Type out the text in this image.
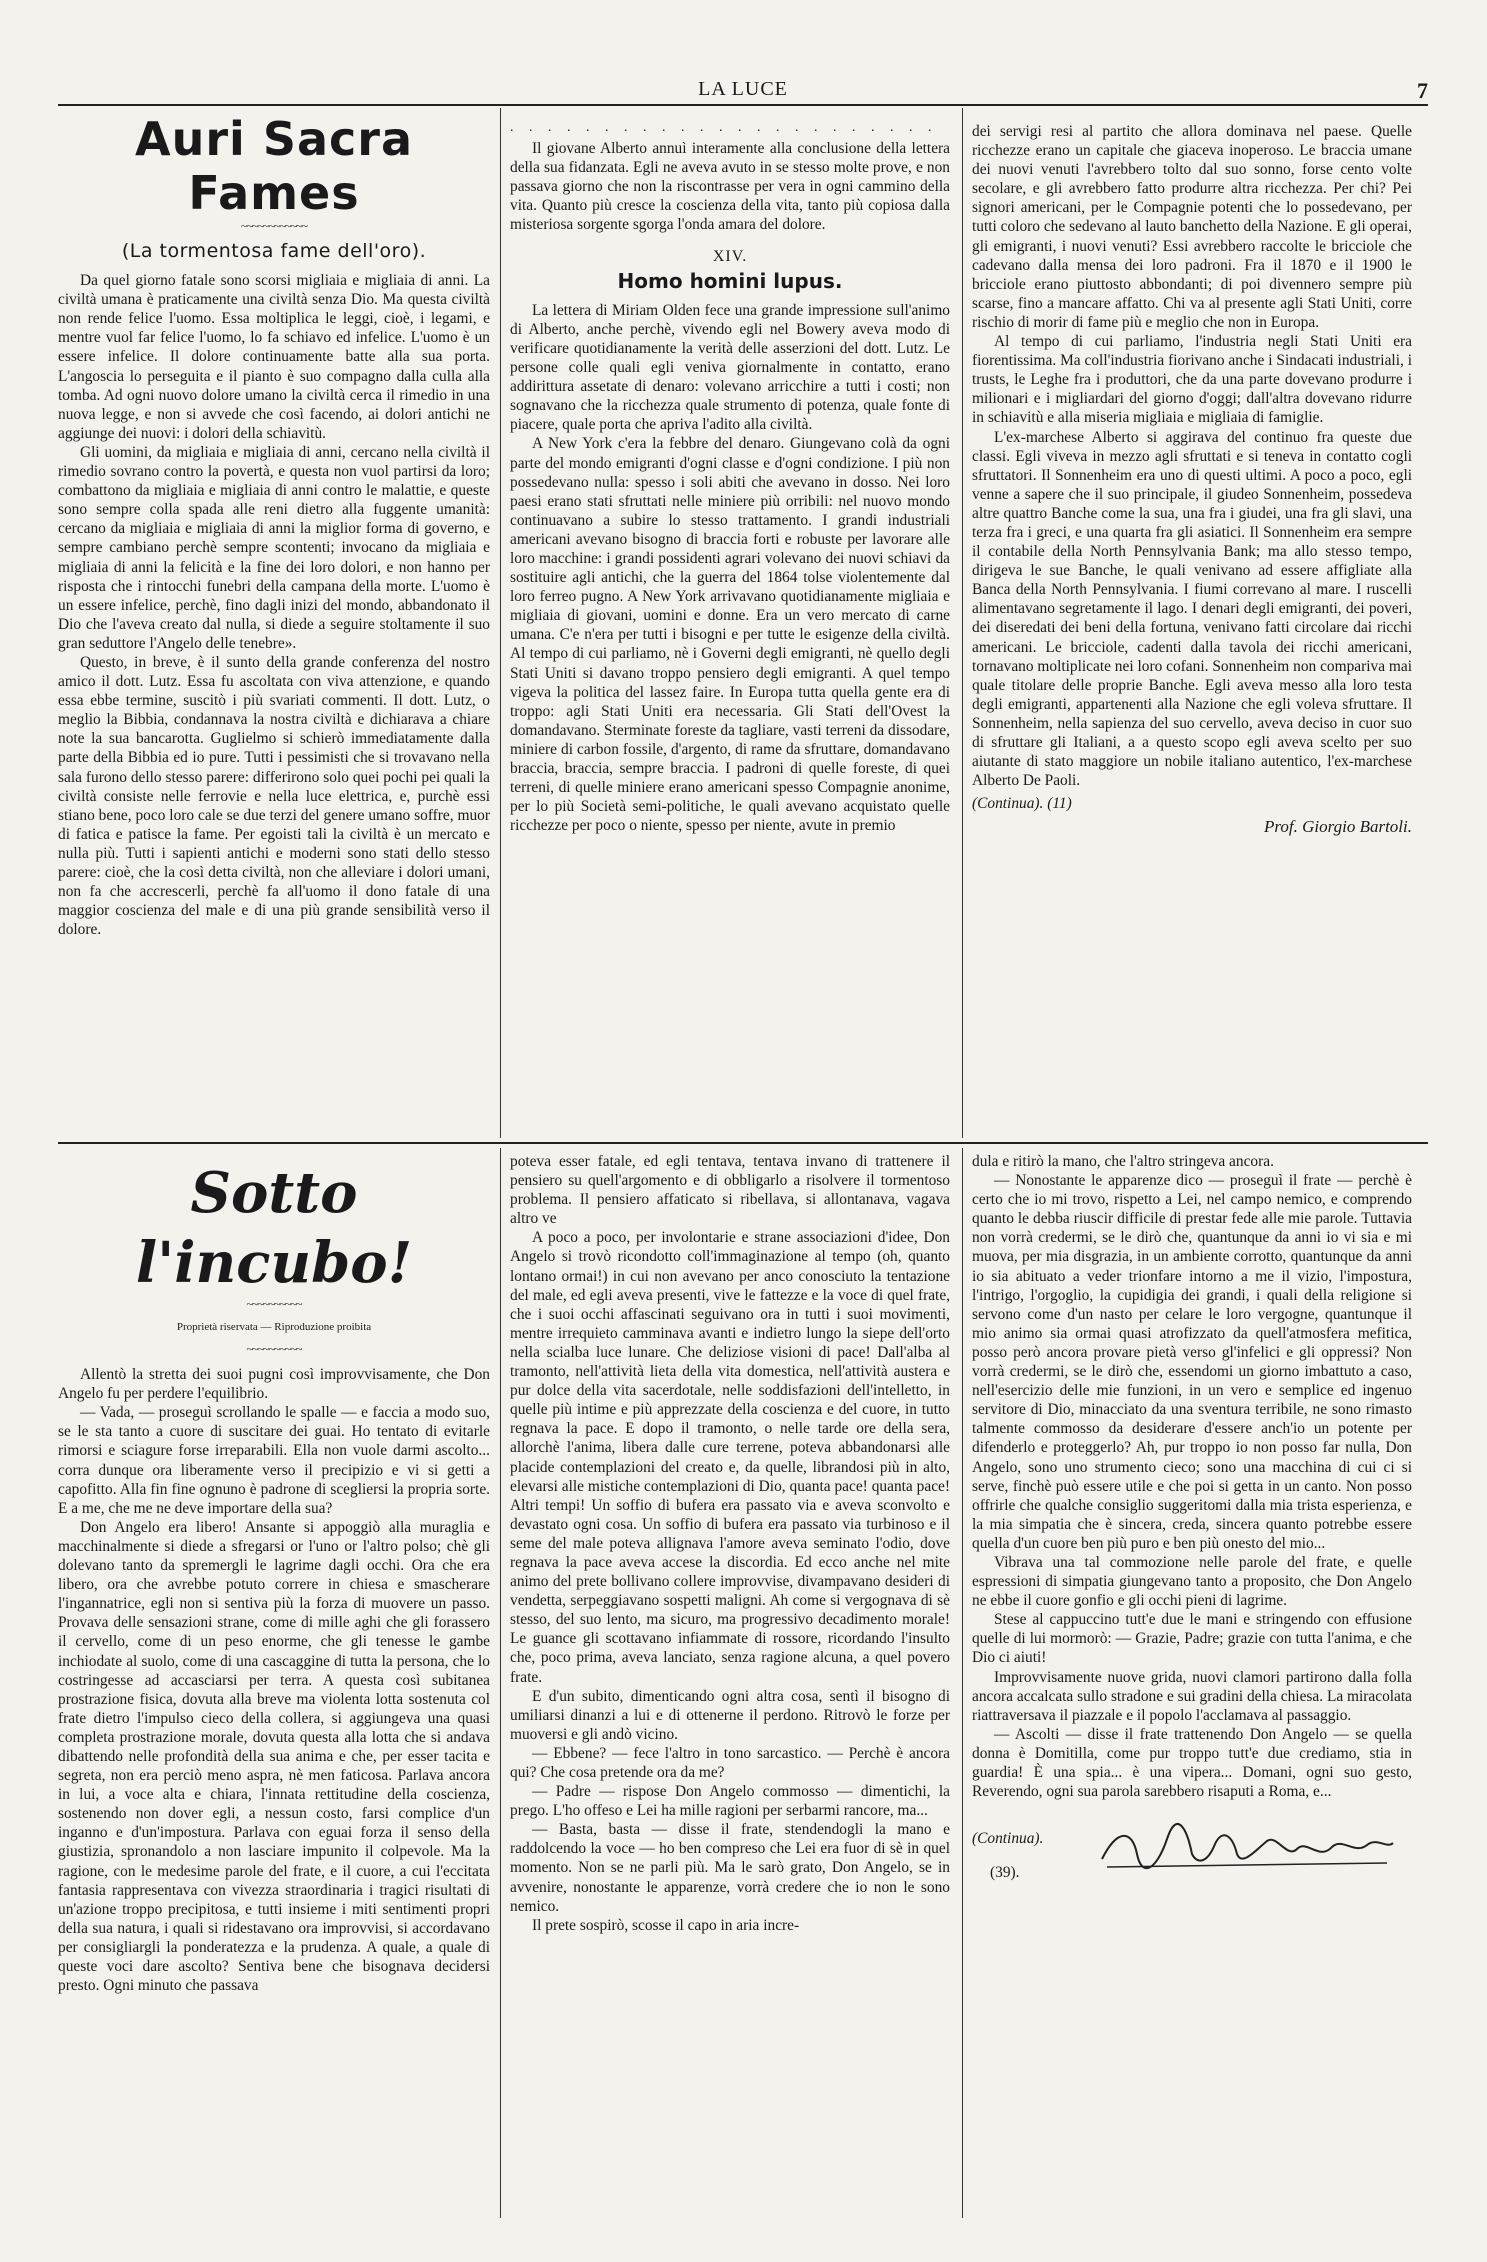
LA LUCE	7
Auri Sacra Fames
~~~~~~~~~~~~
(La tormentosa fame dell'oro).

Da quel giorno fatale sono scorsi migliaia e migliaia di anni. La civiltà umana è praticamente una civiltà senza Dio. Ma questa civiltà non rende felice l'uomo. Essa moltiplica le leggi, cioè, i legami, e mentre vuol far felice l'uomo, lo fa schiavo ed infelice. L'uomo è un essere infelice. Il dolore continuamente batte alla sua porta. L'angoscia lo perseguita e il pianto è suo compagno dalla culla alla tomba. Ad ogni nuovo dolore umano la civiltà cerca il rimedio in una nuova legge, e non si avvede che così facendo, ai dolori antichi ne aggiunge dei nuovi: i dolori della schiavitù.

Gli uomini, da migliaia e migliaia di anni, cercano nella civiltà il rimedio sovrano contro la povertà, e questa non vuol partirsi da loro; combattono da migliaia e migliaia di anni contro le malattie, e queste sono sempre colla spada alle reni dietro alla fuggente umanità: cercano da migliaia e migliaia di anni la miglior forma di governo, e sempre cambiano perchè sempre scontenti; invocano da migliaia e migliaia di anni la felicità e la fine dei loro dolori, e non hanno per risposta che i rintocchi funebri della campana della morte. L'uomo è un essere infelice, perchè, fino dagli inizi del mondo, abbandonato il Dio che l'aveva creato dal nulla, si diede a seguire stoltamente il suo gran seduttore l'Angelo delle tenebre».

Questo, in breve, è il sunto della grande conferenza del nostro amico il dott. Lutz. Essa fu ascoltata con viva attenzione, e quando essa ebbe termine, suscitò i più svariati commenti. Il dott. Lutz, o meglio la Bibbia, condannava la nostra civiltà e dichiarava a chiare note la sua bancarotta. Guglielmo si schierò immediatamente dalla parte della Bibbia ed io pure. Tutti i pessimisti che si trovavano nella sala furono dello stesso parere: differirono solo quei pochi pei quali la civiltà consiste nelle ferrovie e nella luce elettrica, e, purchè essi stiano bene, poco loro cale se due terzi del genere umano soffre, muor di fatica e patisce la fame. Per egoisti tali la civiltà è un mercato e nulla più. Tutti i sapienti antichi e moderni sono stati dello stesso parere: cioè, che la così detta civiltà, non che alleviare i dolori umani, non fa che accrescerli, perchè fa all'uomo il dono fatale di una maggior coscienza del male e di una più grande sensibilità verso il dolore.

. . . . . . . . . . . . . . . . . . . . . . .

Il giovane Alberto annuì interamente alla conclusione della lettera della sua fidanzata. Egli ne aveva avuto in se stesso molte prove, e non passava giorno che non la riscontrasse per vera in ogni cammino della vita. Quanto più cresce la coscienza della vita, tanto più copiosa dalla misteriosa sorgente sgorga l'onda amara del dolore.

XIV.
Homo homini lupus.

La lettera di Miriam Olden fece una grande impressione sull'animo di Alberto, anche perchè, vivendo egli nel Bowery aveva modo di verificare quotidianamente la verità delle asserzioni del dott. Lutz. Le persone colle quali egli veniva giornalmente in contatto, erano addirittura assetate di denaro: volevano arricchire a tutti i costi; non sognavano che la ricchezza quale strumento di potenza, quale fonte di piacere, quale porta che apriva l'adito alla civiltà.

A New York c'era la febbre del denaro. Giungevano colà da ogni parte del mondo emigranti d'ogni classe e d'ogni condizione. I più non possedevano nulla: spesso i soli abiti che avevano in dosso. Nei loro paesi erano stati sfruttati nelle miniere più orribili: nel nuovo mondo continuavano a subire lo stesso trattamento. I grandi industriali americani avevano bisogno di braccia forti e robuste per lavorare alle loro macchine: i grandi possidenti agrari volevano dei nuovi schiavi da sostituire agli antichi, che la guerra del 1864 tolse violentemente dal loro ferreo pugno. A New York arrivavano quotidianamente migliaia e migliaia di giovani, uomini e donne. Era un vero mercato di carne umana. C'e n'era per tutti i bisogni e per tutte le esigenze della civiltà. Al tempo di cui parliamo, nè i Governi degli emigranti, nè quello degli Stati Uniti si davano troppo pensiero degli emigranti. A quel tempo vigeva la politica del lassez faire. In Europa tutta quella gente era di troppo: agli Stati Uniti era necessaria. Gli Stati dell'Ovest la domandavano. Sterminate foreste da tagliare, vasti terreni da dissodare, miniere di carbon fossile, d'argento, di rame da sfruttare, domandavano braccia, braccia, sempre braccia. I padroni di quelle foreste, di quei terreni, di quelle miniere erano americani spesso Compagnie anonime, per lo più Società semi-politiche, le quali avevano acquistato quelle ricchezze per poco o niente, spesso per niente, avute in premio

dei servigi resi al partito che allora dominava nel paese. Quelle ricchezze erano un capitale che giaceva inoperoso. Le braccia umane dei nuovi venuti l'avrebbero tolto dal suo sonno, forse cento volte secolare, e gli avrebbero fatto produrre altra ricchezza. Per chi? Pei signori americani, per le Compagnie potenti che lo possedevano, per tutti coloro che sedevano al lauto banchetto della Nazione. E gli operai, gli emigranti, i nuovi venuti? Essi avrebbero raccolte le bricciole che cadevano dalla mensa dei loro padroni. Fra il 1870 e il 1900 le bricciole erano piuttosto abbondanti; di poi divennero sempre più scarse, fino a mancare affatto. Chi va al presente agli Stati Uniti, corre rischio di morir di fame più e meglio che non in Europa.

Al tempo di cui parliamo, l'industria negli Stati Uniti era fiorentissima. Ma coll'industria fiorivano anche i Sindacati industriali, i trusts, le Leghe fra i produttori, che da una parte dovevano produrre i milionari e i migliardari del giorno d'oggi; dall'altra dovevano ridurre in schiavitù e alla miseria migliaia e migliaia di famiglie.

L'ex-marchese Alberto si aggirava del continuo fra queste due classi. Egli viveva in mezzo agli sfruttati e si teneva in contatto cogli sfruttatori. Il Sonnenheim era uno di questi ultimi. A poco a poco, egli venne a sapere che il suo principale, il giudeo Sonnenheim, possedeva altre quattro Banche come la sua, una fra i giudei, una fra gli slavi, una terza fra i greci, e una quarta fra gli asiatici. Il Sonnenheim era sempre il contabile della North Pennsylvania Bank; ma allo stesso tempo, dirigeva le sue Banche, le quali venivano ad essere affigliate alla Banca della North Pennsylvania. I fiumi correvano al mare. I ruscelli alimentavano segretamente il lago. I denari degli emigranti, dei poveri, dei diseredati dei beni della fortuna, venivano fatti circolare dai ricchi americani. Le bricciole, cadenti dalla tavola dei ricchi americani, tornavano moltiplicate nei loro cofani. Sonnenheim non compariva mai quale titolare delle proprie Banche. Egli aveva messo alla loro testa degli emigranti, appartenenti alla Nazione che egli voleva sfruttare. Il Sonnenheim, nella sapienza del suo cervello, aveva deciso in cuor suo di sfruttare gli Italiani, a a questo scopo egli aveva scelto per suo aiutante di stato maggiore un nobile italiano autentico, l'ex-marchese Alberto De Paoli.

(Continua). (11)
Prof. Giorgio Bartoli.
Sotto l'incubo!
~~~~~~~~~~
Proprietà riservata — Riproduzione proibita
~~~~~~~~~~

Allentò la stretta dei suoi pugni così improvvisamente, che Don Angelo fu per perdere l'equilibrio.

— Vada, — proseguì scrollando le spalle — e faccia a modo suo, se le sta tanto a cuore di suscitare dei guai. Ho tentato di evitarle rimorsi e sciagure forse irreparabili. Ella non vuole darmi ascolto... corra dunque ora liberamente verso il precipizio e vi si getti a capofitto. Alla fin fine ognuno è padrone di scegliersi la propria sorte. E a me, che me ne deve importare della sua?

Don Angelo era libero! Ansante si appoggiò alla muraglia e macchinalmente si diede a sfregarsi or l'uno or l'altro polso; chè gli dolevano tanto da spremergli le lagrime dagli occhi. Ora che era libero, ora che avrebbe potuto correre in chiesa e smascherare l'ingannatrice, egli non si sentiva più la forza di muovere un passo. Provava delle sensazioni strane, come di mille aghi che gli forassero il cervello, come di un peso enorme, che gli tenesse le gambe inchiodate al suolo, come di una cascaggine di tutta la persona, che lo costringesse ad accasciarsi per terra. A questa così subitanea prostrazione fisica, dovuta alla breve ma violenta lotta sostenuta col frate dietro l'impulso cieco della collera, si aggiungeva una quasi completa prostrazione morale, dovuta questa alla lotta che si andava dibattendo nelle profondità della sua anima e che, per esser tacita e segreta, non era perciò meno aspra, nè men faticosa. Parlava ancora in lui, a voce alta e chiara, l'innata rettitudine della coscienza, sostenendo non dover egli, a nessun costo, farsi complice d'un inganno e d'un'impostura. Parlava con eguai forza il senso della giustizia, spronandolo a non lasciare impunito il colpevole. Ma la ragione, con le medesime parole del frate, e il cuore, a cui l'eccitata fantasia rappresentava con vivezza straordinaria i tragici risultati di un'azione troppo precipitosa, e tutti insieme i miti sentimenti propri della sua natura, i quali si ridestavano ora improvvisi, si accordavano per consigliargli la ponderatezza e la prudenza. A quale, a quale di queste voci dare ascolto? Sentiva bene che bisognava decidersi presto. Ogni minuto che passava

poteva esser fatale, ed egli tentava, tentava invano di trattenere il pensiero su quell'argomento e di obbligarlo a risolvere il tormentoso problema. Il pensiero affaticato si ribellava, si allontanava, vagava altro ve

A poco a poco, per involontarie e strane associazioni d'idee, Don Angelo si trovò ricondotto coll'immaginazione al tempo (oh, quanto lontano ormai!) in cui non avevano per anco conosciuto la tentazione del male, ed egli aveva presenti, vive le fattezze e la voce di quel frate, che i suoi occhi affascinati seguivano ora in tutti i suoi movimenti, mentre irrequieto camminava avanti e indietro lungo la siepe dell'orto nella scialba luce lunare. Che deliziose visioni di pace! Dall'alba al tramonto, nell'attività lieta della vita domestica, nell'attività austera e pur dolce della vita sacerdotale, nelle soddisfazioni dell'intelletto, in quelle più intime e più apprezzate della coscienza e del cuore, in tutto regnava la pace. E dopo il tramonto, o nelle tarde ore della sera, allorchè l'anima, libera dalle cure terrene, poteva abbandonarsi alle placide contemplazioni del creato e, da quelle, librandosi più in alto, elevarsi alle mistiche contemplazioni di Dio, quanta pace! quanta pace! Altri tempi! Un soffio di bufera era passato via e aveva sconvolto e devastato ogni cosa. Un soffio di bufera era passato via turbinoso e il seme del male poteva allignava l'amore aveva seminato l'odio, dove regnava la pace aveva accese la discordia. Ed ecco anche nel mite animo del prete bollivano collere improvvise, divampavano desideri di vendetta, serpeggiavano sospetti maligni. Ah come si vergognava di sè stesso, del suo lento, ma sicuro, ma progressivo decadimento morale! Le guance gli scottavano infiammate di rossore, ricordando l'insulto che, poco prima, aveva lanciato, senza ragione alcuna, a quel povero frate.

E d'un subito, dimenticando ogni altra cosa, sentì il bisogno di umiliarsi dinanzi a lui e di ottenerne il perdono. Ritrovò le forze per muoversi e gli andò vicino.

— Ebbene? — fece l'altro in tono sarcastico. — Perchè è ancora qui? Che cosa pretende ora da me?

— Padre — rispose Don Angelo commosso — dimentichi, la prego. L'ho offeso e Lei ha mille ragioni per serbarmi rancore, ma...

— Basta, basta — disse il frate, stendendogli la mano e raddolcendo la voce — ho ben compreso che Lei era fuor di sè in quel momento. Non se ne parli più. Ma le sarò grato, Don Angelo, se in avvenire, nonostante le apparenze, vorrà credere che io non le sono nemico.

Il prete sospirò, scosse il capo in aria incre-

dula e ritirò la mano, che l'altro stringeva ancora.

— Nonostante le apparenze dico — proseguì il frate — perchè è certo che io mi trovo, rispetto a Lei, nel campo nemico, e comprendo quanto le debba riuscir difficile di prestar fede alle mie parole. Tuttavia non vorrà credermi, se le dirò che, quantunque da anni io vi sia e mi muova, per mia disgrazia, in un ambiente corrotto, quantunque da anni io sia abituato a veder trionfare intorno a me il vizio, l'impostura, l'intrigo, l'orgoglio, la cupidigia dei grandi, i quali della religione si servono come d'un nasto per celare le loro vergogne, quantunque il mio animo sia ormai quasi atrofizzato da quell'atmosfera mefitica, posso però ancora provare pietà verso gl'infelici e gli oppressi? Non vorrà credermi, se le dirò che, essendomi un giorno imbattuto a caso, nell'esercizio delle mie funzioni, in un vero e semplice ed ingenuo servitore di Dio, minacciato da una sventura terribile, ne sono rimasto talmente commosso da desiderare d'essere anch'io un potente per difenderlo e proteggerlo? Ah, pur troppo io non posso far nulla, Don Angelo, sono uno strumento cieco; sono una macchina di cui ci si serve, finchè può essere utile e che poi si getta in un canto. Non posso offrirle che qualche consiglio suggeritomi dalla mia trista esperienza, e la mia simpatia che è sincera, creda, sincera quanto potrebbe essere quella d'un cuore ben più puro e ben più onesto del mio...

Vibrava una tal commozione nelle parole del frate, e quelle espressioni di simpatia giungevano tanto a proposito, che Don Angelo ne ebbe il cuore gonfio e gli occhi pieni di lagrime.

Stese al cappuccino tutt'e due le mani e stringendo con effusione quelle di lui mormorò: — Grazie, Padre; grazie con tutta l'anima, e che Dio ci aiuti!

Improvvisamente nuove grida, nuovi clamori partirono dalla folla ancora accalcata sullo stradone e sui gradini della chiesa. La miracolata riattraversava il piazzale e il popolo l'acclamava al passaggio.

— Ascolti — disse il frate trattenendo Don Angelo — se quella donna è Domitilla, come pur troppo tutt'e due crediamo, stia in guardia! È una spia... è una vipera... Domani, ogni suo gesto, Reverendo, ogni sua parola sarebbero risaputi a Roma, e...

(Continua).
(39).
